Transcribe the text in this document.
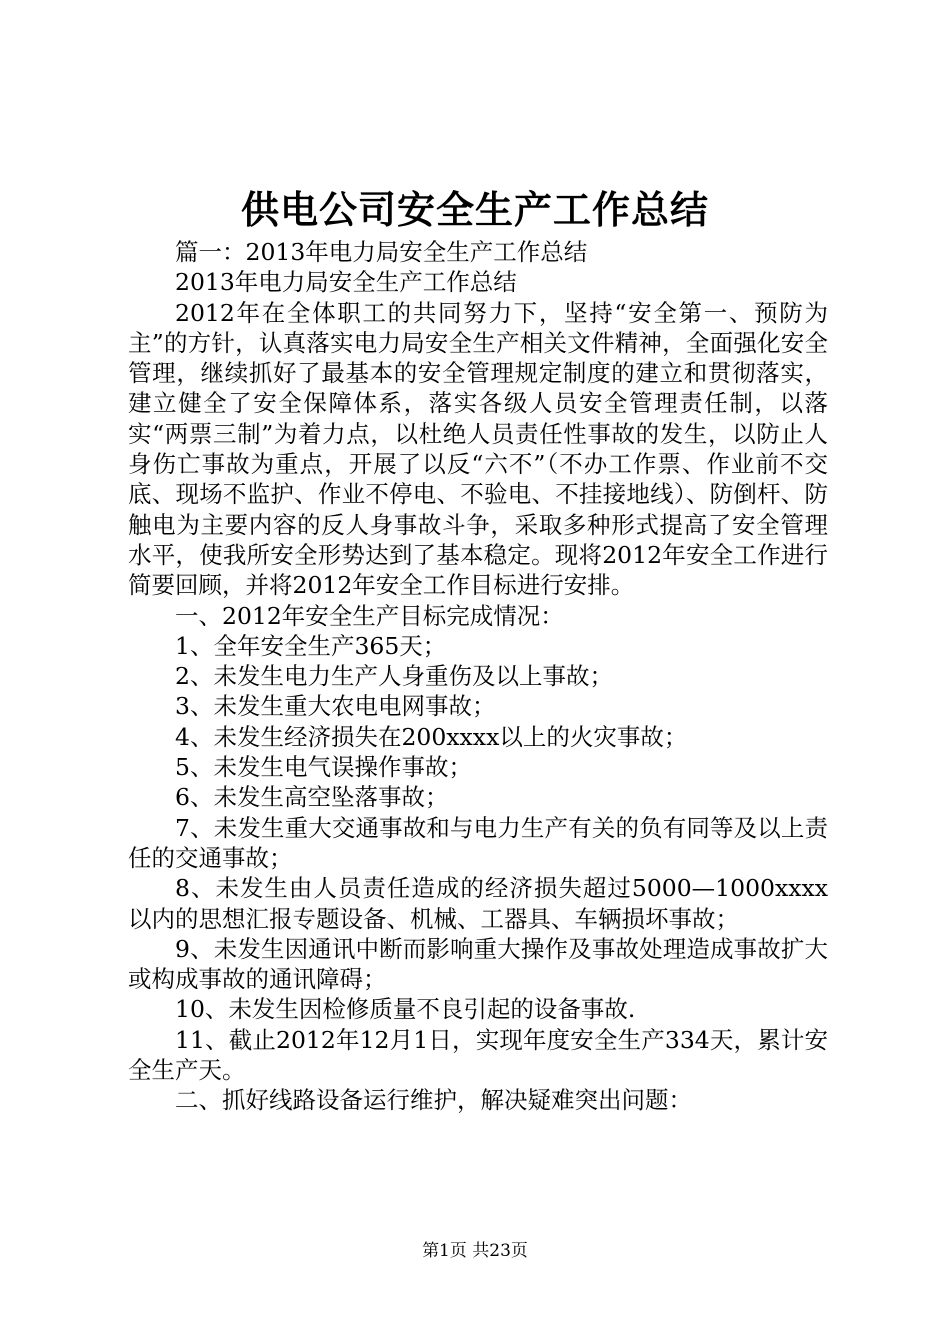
供电公司安全生产工作总结

篇一：2013年电力局安全生产工作总结

2013年电力局安全生产工作总结

2012年在全体职工的共同努力下，坚持“安全第一、预防为主”的方针，认真落实电力局安全生产相关文件精神，全面强化安全管理，继续抓好了最基本的安全管理规定制度的建立和贯彻落实，建立健全了安全保障体系，落实各级人员安全管理责任制，以落实“两票三制”为着力点，以杜绝人员责任性事故的发生，以防止人身伤亡事故为重点，开展了以反“六不”（不办工作票、作业前不交底、现场不监护、作业不停电、不验电、不挂接地线）、防倒杆、防触电为主要内容的反人身事故斗争，采取多种形式提高了安全管理水平，使我所安全形势达到了基本稳定。现将2012年安全工作进行简要回顾，并将2012年安全工作目标进行安排。

一、2012年安全生产目标完成情况：

1、全年安全生产365天；

2、未发生电力生产人身重伤及以上事故；

3、未发生重大农电电网事故；

4、未发生经济损失在200xxxx以上的火灾事故；

5、未发生电气误操作事故；

6、未发生高空坠落事故；

7、未发生重大交通事故和与电力生产有关的负有同等及以上责任的交通事故；

8、未发生由人员责任造成的经济损失超过5000—1000xxxx以内的思想汇报专题设备、机械、工器具、车辆损坏事故；

9、未发生因通讯中断而影响重大操作及事故处理造成事故扩大或构成事故的通讯障碍；

10、未发生因检修质量不良引起的设备事故.

11、截止2012年12月1日，实现年度安全生产334天，累计安全生产天。

二、抓好线路设备运行维护，解决疑难突出问题：

第1页 共23页
